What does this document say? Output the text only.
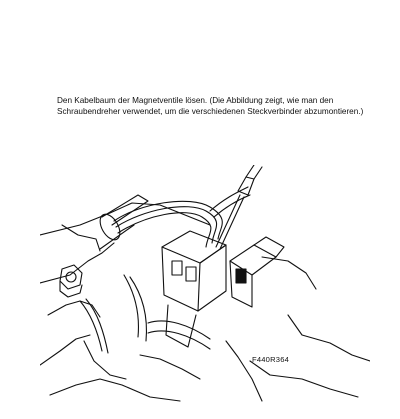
Den Kabelbaum der Magnetventile lösen. (Die Abbildung zeigt, wie man den Schraubendreher verwendet, um die verschiedenen Steckverbinder abzumontieren.)
F440R364
